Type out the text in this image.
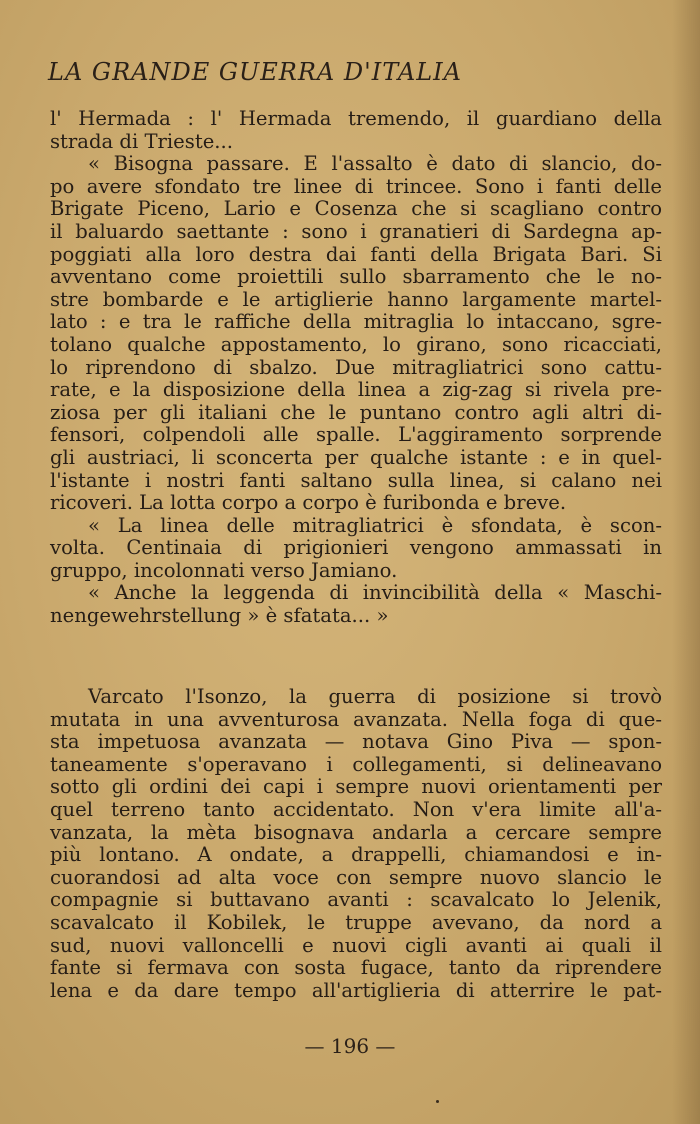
LA GRANDE GUERRA D'ITALIA
l' Hermada : l' Hermada tremendo, il guardiano della
strada di Trieste...
« Bisogna passare. E l'assalto è dato di slancio, do-
po avere sfondato tre linee di trincee. Sono i fanti delle
Brigate Piceno, Lario e Cosenza che si scagliano contro
il baluardo saettante : sono i granatieri di Sardegna ap-
poggiati alla loro destra dai fanti della Brigata Bari. Si
avventano come proiettili sullo sbarramento che le no-
stre bombarde e le artiglierie hanno largamente martel-
lato : e tra le raffiche della mitraglia lo intaccano, sgre-
tolano qualche appostamento, lo girano, sono ricacciati,
lo riprendono di sbalzo. Due mitragliatrici sono cattu-
rate, e la disposizione della linea a zig-zag si rivela pre-
ziosa per gli italiani che le puntano contro agli altri di-
fensori, colpendoli alle spalle. L'aggiramento sorprende
gli austriaci, li sconcerta per qualche istante : e in quel-
l'istante i nostri fanti saltano sulla linea, si calano nei
ricoveri. La lotta corpo a corpo è furibonda e breve.
« La linea delle mitragliatrici è sfondata, è scon-
volta. Centinaia di prigionieri vengono ammassati in
gruppo, incolonnati verso Jamiano.
« Anche la leggenda di invincibilità della « Maschi-
nengewehrstellung » è sfatata... »
Varcato l'Isonzo, la guerra di posizione si trovò
mutata in una avventurosa avanzata. Nella foga di que-
sta impetuosa avanzata — notava Gino Piva — spon-
taneamente s'operavano i collegamenti, si delineavano
sotto gli ordini dei capi i sempre nuovi orientamenti per
quel terreno tanto accidentato. Non v'era limite all'a-
vanzata, la mèta bisognava andarla a cercare sempre
più lontano. A ondate, a drappelli, chiamandosi e in-
cuorandosi ad alta voce con sempre nuovo slancio le
compagnie si buttavano avanti : scavalcato lo Jelenik,
scavalcato il Kobilek, le truppe avevano, da nord a
sud, nuovi valloncelli e nuovi cigli avanti ai quali il
fante si fermava con sosta fugace, tanto da riprendere
lena e da dare tempo all'artiglieria di atterrire le pat-
— 196 —
